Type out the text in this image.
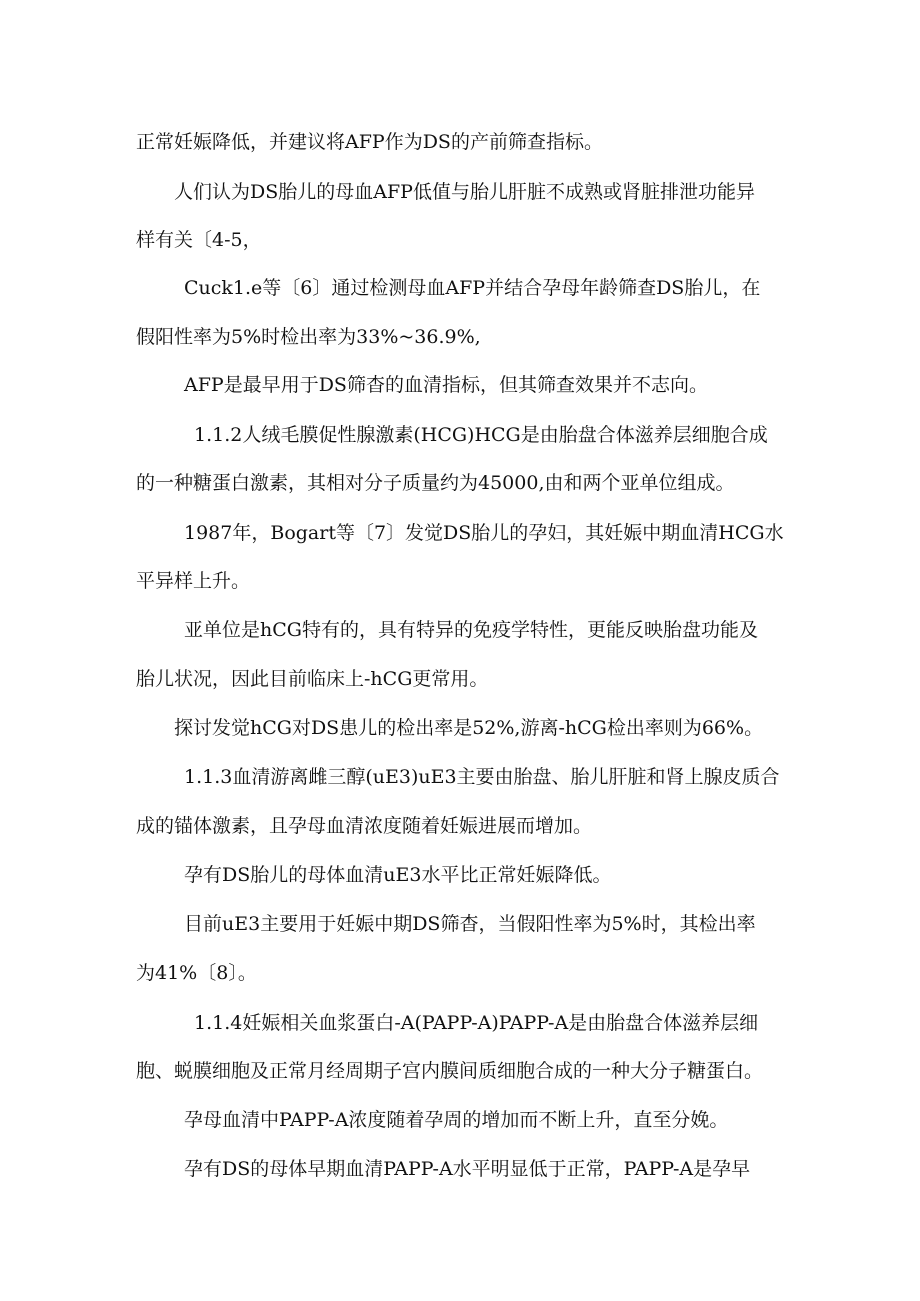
正常妊娠降低，并建议将AFP作为DS的产前筛查指标。
人们认为DS胎儿的母血AFP低值与胎儿肝脏不成熟或肾脏排泄功能异
样有关〔4-5，
Cuck1.e等〔6〕通过检测母血AFP并结合孕母年龄筛查DS胎儿，在
假阳性率为5%时检出率为33%~36.9%,
AFP是最早用于DS筛杳的血清指标，但其筛查效果并不志向。
1.1.2人绒毛膜促性腺激素(HCG)HCG是由胎盘合体滋养层细胞合成
的一种糖蛋白激素，其相对分子质量约为45000,由和两个亚单位组成。
1987年，Bogart等〔7〕发觉DS胎儿的孕妇，其妊娠中期血清HCG水
平异样上升。
亚单位是hCG特有的，具有特异的免疫学特性，更能反映胎盘功能及
胎儿状况，因此目前临床上-hCG更常用。
探讨发觉hCG对DS患儿的检出率是52%,游离-hCG检出率则为66%。
1.1.3血清游离雌三醇(uE3)uE3主要由胎盘、胎儿肝脏和肾上腺皮质合
成的锚体激素，且孕母血清浓度随着妊娠进展而增加。
孕有DS胎儿的母体血清uE3水平比正常妊娠降低。
目前uE3主要用于妊娠中期DS筛杳，当假阳性率为5%时，其检出率
为41%〔8〕。
1.1.4妊娠相关血浆蛋白-A(PAPP-A)PAPP-A是由胎盘合体滋养层细
胞、蜕膜细胞及正常月经周期子宫内膜间质细胞合成的一种大分子糖蛋白。
孕母血清中PAPP-A浓度随着孕周的增加而不断上升，直至分娩。
孕有DS的母体早期血清PAPP-A水平明显低于正常，PAPP-A是孕早
